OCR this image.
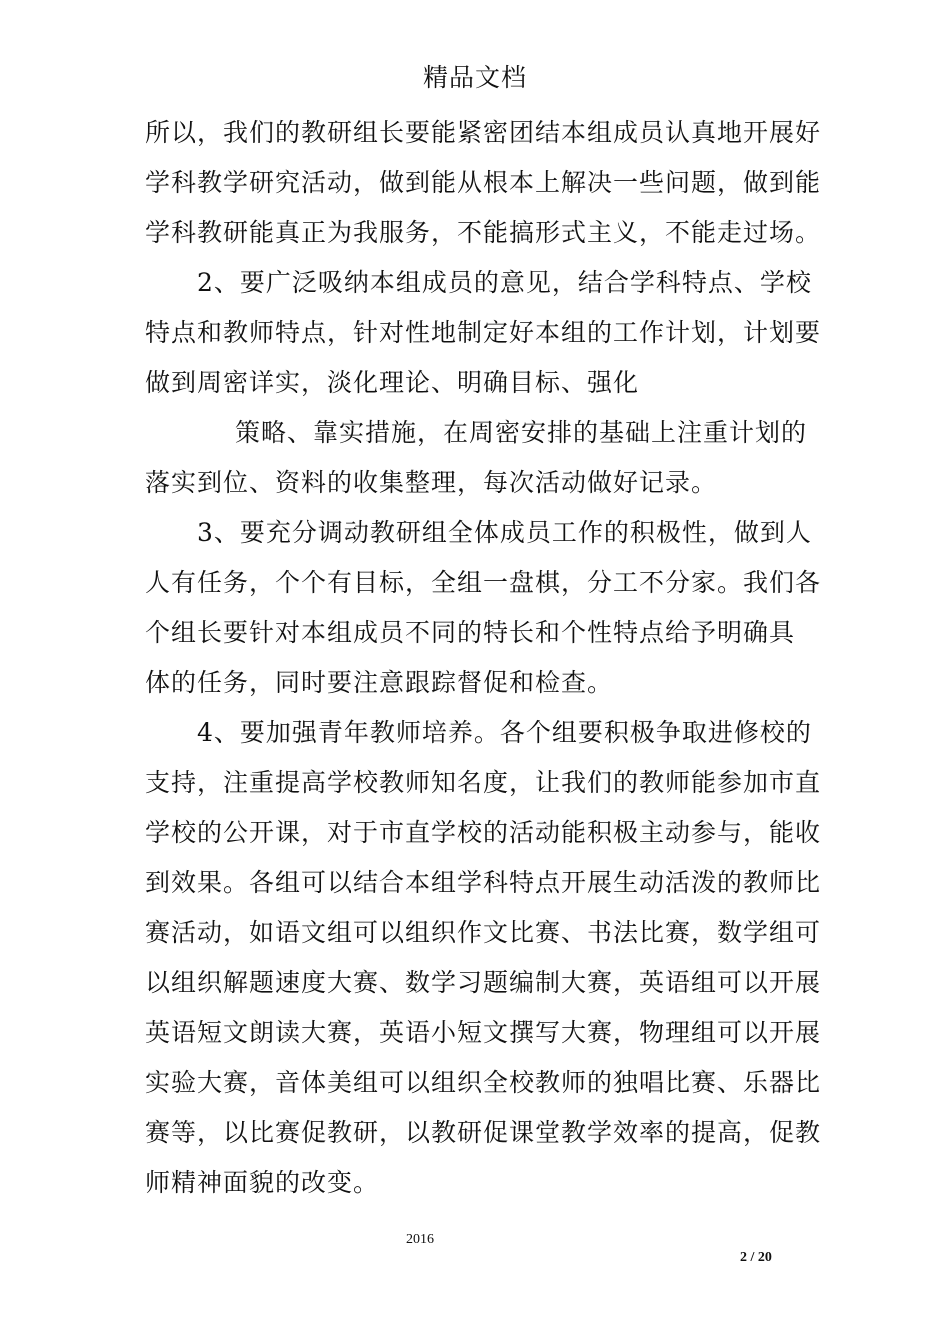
精品文档
所以，我们的教研组长要能紧密团结本组成员认真地开展好
学科教学研究活动，做到能从根本上解决一些问题，做到能
学科教研能真正为我服务，不能搞形式主义，不能走过场。
2、要广泛吸纳本组成员的意见，结合学科特点、学校
特点和教师特点，针对性地制定好本组的工作计划，计划要
做到周密详实，淡化理论、明确目标、强化
策略、靠实措施，在周密安排的基础上注重计划的
落实到位、资料的收集整理，每次活动做好记录。
3、要充分调动教研组全体成员工作的积极性，做到人
人有任务，个个有目标，全组一盘棋，分工不分家。我们各
个组长要针对本组成员不同的特长和个性特点给予明确具
体的任务，同时要注意跟踪督促和检查。
4、要加强青年教师培养。各个组要积极争取进修校的
支持，注重提高学校教师知名度，让我们的教师能参加市直
学校的公开课，对于市直学校的活动能积极主动参与，能收
到效果。各组可以结合本组学科特点开展生动活泼的教师比
赛活动，如语文组可以组织作文比赛、书法比赛，数学组可
以组织解题速度大赛、数学习题编制大赛，英语组可以开展
英语短文朗读大赛，英语小短文撰写大赛，物理组可以开展
实验大赛，音体美组可以组织全校教师的独唱比赛、乐器比
赛等，以比赛促教研，以教研促课堂教学效率的提高，促教
师精神面貌的改变。
2016
2 / 20
